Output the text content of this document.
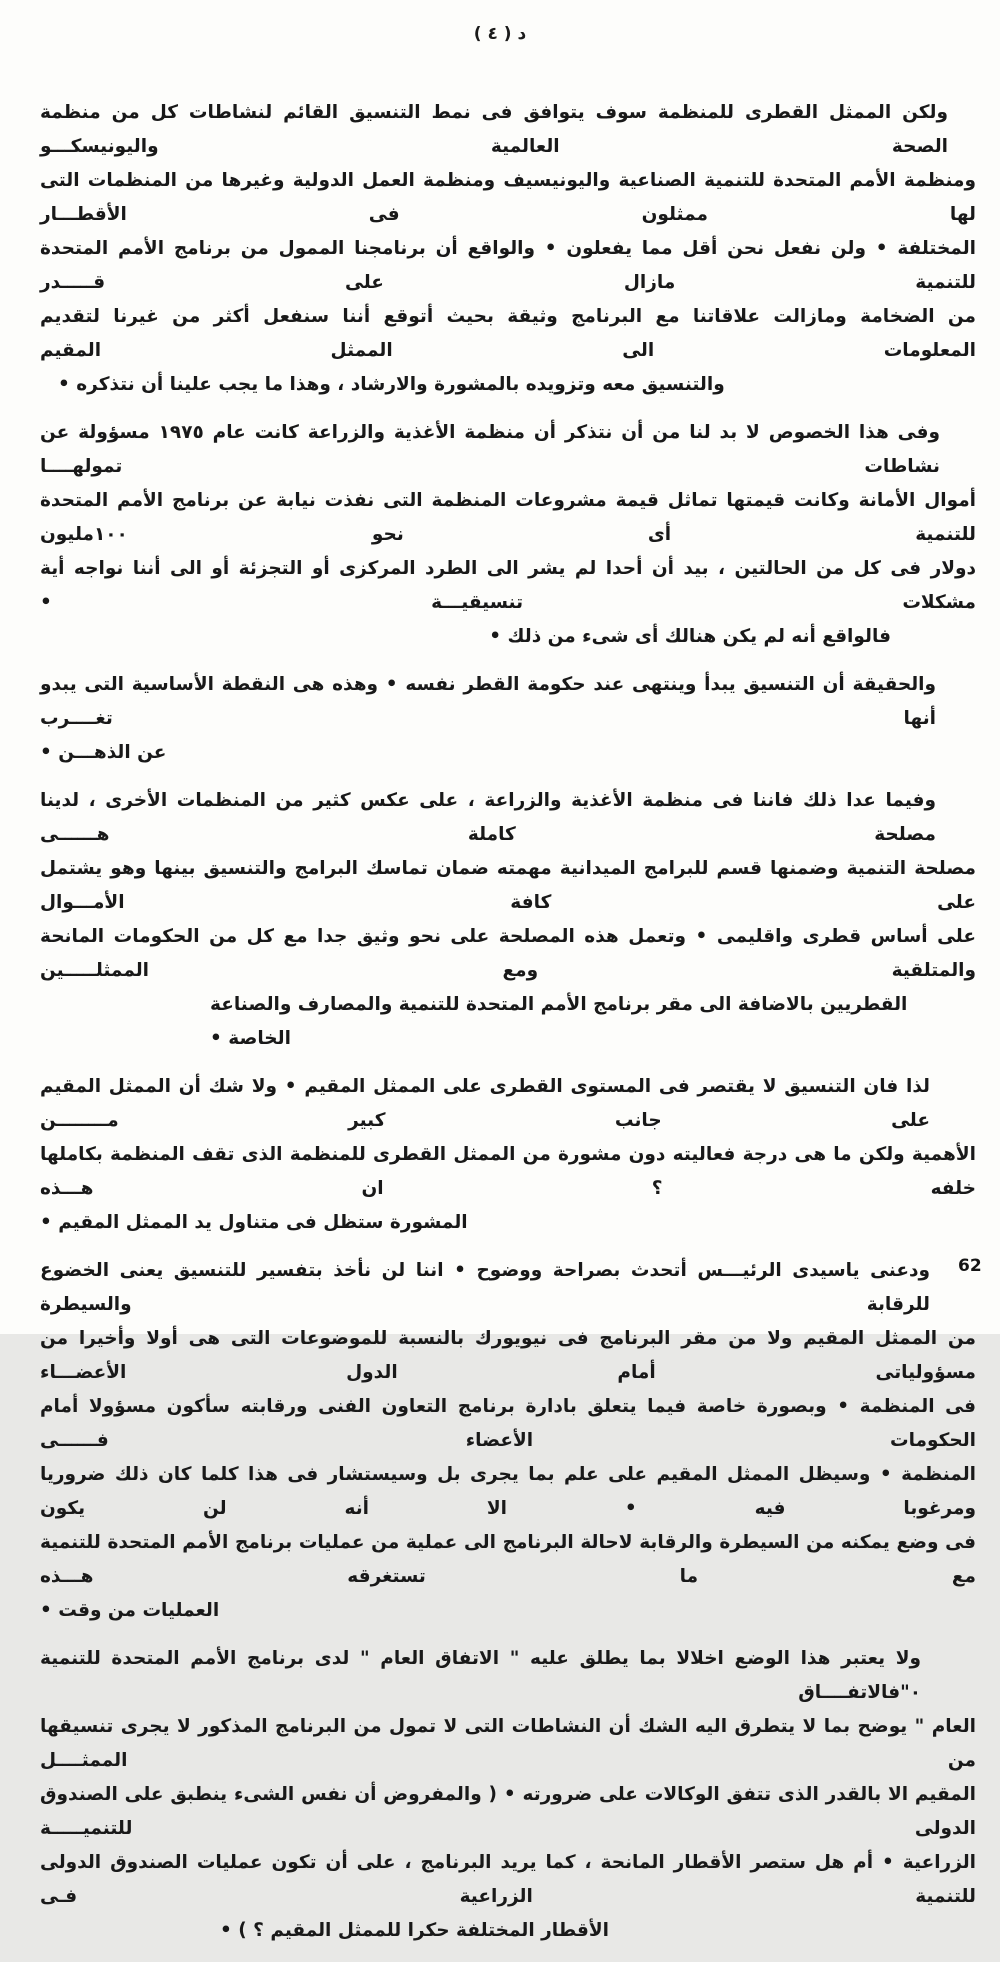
د ( ٤ )
ولكن الممثل القطرى للمنظمة سوف يتوافق فى نمط التنسيق القائم لنشاطات كل من منظمة الصحة العالمية واليونيسكـــو
ومنظمة الأمم المتحدة للتنمية الصناعية واليونيسيف ومنظمة العمل الدولية وغيرها من المنظمات التى لها ممثلون فى الأقطـــار
المختلفة • ولن نفعل نحن أقل مما يفعلون • والواقع أن برنامجنا الممول من برنامج الأمم المتحدة للتنمية مازال على قـــــدر
من الضخامة ومازالت علاقاتنا مع البرنامج وثيقة بحيث أتوقع أننا سنفعل أكثر من غيرنا لتقديم المعلومات الى الممثل المقيم
والتنسيق معه وتزويده بالمشورة والارشاد ، وهذا ما يجب علينا أن نتذكره •
وفى هذا الخصوص لا بد لنا من أن نتذكر أن منظمة الأغذية والزراعة كانت عام ١٩٧٥ مسؤولة عن نشاطات تمولهــــا
أموال الأمانة وكانت قيمتها تماثل قيمة مشروعات المنظمة التى نفذت نيابة عن برنامج الأمم المتحدة للتنمية أى نحو ١٠٠مليون
دولار فى كل من الحالتين ، بيد أن أحدا لم يشر الى الطرد المركزى أو التجزئة أو الى أننا نواجه أية مشكلات تنسيقيـــة •
فالواقع أنه لم يكن هنالك أى شىء من ذلك •
والحقيقة أن التنسيق يبدأ وينتهى عند حكومة القطر نفسه • وهذه هى النقطة الأساسية التى يبدو أنها تغــــرب
عن الذهـــن •
وفيما عدا ذلك فاننا فى منظمة الأغذية والزراعة ، على عكس كثير من المنظمات الأخرى ، لدينا مصلحة كاملة هــــــى
مصلحة التنمية وضمنها قسم للبرامج الميدانية مهمته ضمان تماسك البرامج والتنسيق بينها وهو يشتمل على كافة الأمـــوال
على أساس قطرى واقليمى • وتعمل هذه المصلحة على نحو وثيق جدا مع كل من الحكومات المانحة والمتلقية ومع الممثلـــــين
القطريين بالاضافة الى مقر برنامج الأمم المتحدة للتنمية والمصارف والصناعة الخاصة •
لذا فان التنسيق لا يقتصر فى المستوى القطرى على الممثل المقيم • ولا شك أن الممثل المقيم على جانب كبير مــــــــن
الأهمية ولكن ما هى درجة فعاليته دون مشورة من الممثل القطرى للمنظمة الذى تقف المنظمة بكاملها خلفه ؟ ان هـــذه
المشورة ستظل فى متناول يد الممثل المقيم •
ودعنى ياسيدى الرئيـــس أتحدث بصراحة ووضوح • اننا لن نأخذ بتفسير للتنسيق يعنى الخضوع للرقابة والسيطرة
من الممثل المقيم ولا من مقر البرنامج فى نيويورك بالنسبة للموضوعات التى هى أولا وأخيرا من مسؤولياتى أمام الدول الأعضـــاء
فى المنظمة • وبصورة خاصة فيما يتعلق بادارة برنامج التعاون الفنى ورقابته سأكون مسؤولا أمام الحكومات الأعضاء فــــــى
المنظمة • وسيظل الممثل المقيم على علم بما يجرى بل وسيستشار فى هذا كلما كان ذلك ضروريا ومرغوبا فيه • الا أنه لن يكون
فى وضع يمكنه من السيطرة والرقابة لاحالة البرنامج الى عملية من عمليات برنامج الأمم المتحدة للتنمية مع ما تستغرقه هـــذه
العمليات من وقت •
ولا يعتبر هذا الوضع اخلالا بما يطلق عليه " الاتفاق العام " لدى برنامج الأمم المتحدة للتنمية ٠"فالاتفــــاق
العام " يوضح بما لا يتطرق اليه الشك أن النشاطات التى لا تمول من البرنامج المذكور لا يجرى تنسيقها من الممثــــل
المقيم الا بالقدر الذى تتفق الوكالات على ضرورته • ( والمفروض أن نفس الشىء ينطبق على الصندوق الدولى للتنميـــــة
الزراعية • أم هل ستصر الأقطار المانحة ، كما يريد البرنامج ، على أن تكون عمليات الصندوق الدولى للتنمية الزراعية فـى
الأقطار المختلفة حكرا للممثل المقيم ؟ ) •
62
